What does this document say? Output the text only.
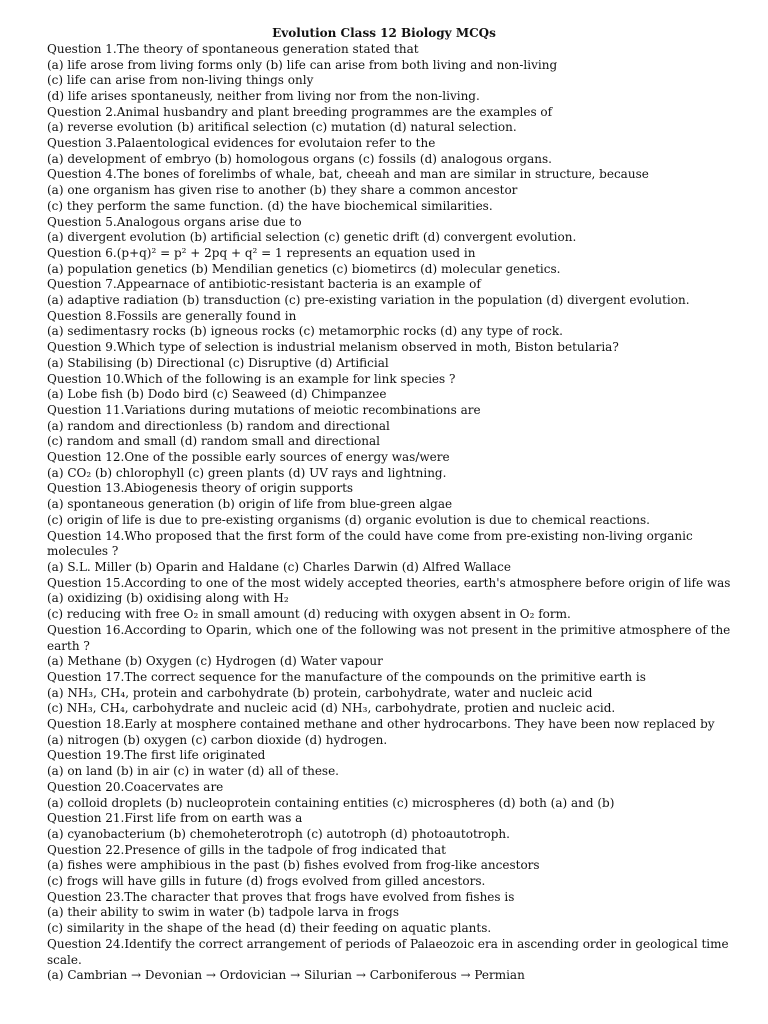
Evolution Class 12 Biology MCQs
Question 1.The theory of spontaneous generation stated that
(a) life arose from living forms only (b) life can arise from both living and non-living
(c) life can arise from non-living things only
(d) life arises spontaneusly, neither from living nor from the non-living.
Question 2.Animal husbandry and plant breeding programmes are the examples of
(a) reverse evolution (b) aritifical selection (c) mutation (d) natural selection.
Question 3.Palaentological evidences for evolutaion refer to the
(a) development of embryo (b) homologous organs (c) fossils (d) analogous organs.
Question 4.The bones of forelimbs of whale, bat, cheeah and man are similar in structure, because
(a) one organism has given rise to another (b) they share a common ancestor
(c) they perform the same function. (d) the have biochemical similarities.
Question 5.Analogous organs arise due to
(a) divergent evolution (b) artificial selection (c) genetic drift (d) convergent evolution.
Question 6.(p+q)² = p² + 2pq + q² = 1 represents an equation used in
(a) population genetics (b) Mendilian genetics (c) biometircs (d) molecular genetics.
Question 7.Appearnace of antibiotic-resistant bacteria is an example of
(a) adaptive radiation (b) transduction (c) pre-existing variation in the population (d) divergent evolution.
Question 8.Fossils are generally found in
(a) sedimentasry rocks (b) igneous rocks (c) metamorphic rocks (d) any type of rock.
Question 9.Which type of selection is industrial melanism observed in moth, Biston betularia?
(a) Stabilising (b) Directional (c) Disruptive (d) Artificial
Question 10.Which of the following is an example for link species ?
(a) Lobe fish (b) Dodo bird (c) Seaweed (d) Chimpanzee
Question 11.Variations during mutations of meiotic recombinations are
(a) random and directionless (b) random and directional
(c) random and small (d) random small and directional
Question 12.One of the possible early sources of energy was/were
(a) CO₂ (b) chlorophyll (c) green plants (d) UV rays and lightning.
Question 13.Abiogenesis theory of origin supports
(a) spontaneous generation (b) origin of life from blue-green algae
(c) origin of life is due to pre-existing organisms (d) organic evolution is due to chemical reactions.
Question 14.Who proposed that the first form of the could have come from pre-existing non-living organic molecules ?
(a) S.L. Miller (b) Oparin and Haldane (c) Charles Darwin (d) Alfred Wallace
Question 15.According to one of the most widely accepted theories, earth's atmosphere before origin of life was
(a) oxidizing (b) oxidising along with H₂
(c) reducing with free O₂ in small amount (d) reducing with oxygen absent in O₂ form.
Question 16.According to Oparin, which one of the following was not present in the primitive atmosphere of the earth ?
(a) Methane (b) Oxygen (c) Hydrogen (d) Water vapour
Question 17.The correct sequence for the manufacture of the compounds on the primitive earth is
(a) NH₃, CH₄, protein and carbohydrate (b) protein, carbohydrate, water and nucleic acid
(c) NH₃, CH₄, carbohydrate and nucleic acid (d) NH₃, carbohydrate, protien and nucleic acid.
Question 18.Early at mosphere contained methane and other hydrocarbons. They have been now replaced by
(a) nitrogen (b) oxygen (c) carbon dioxide (d) hydrogen.
Question 19.The first life originated
(a) on land (b) in air (c) in water (d) all of these.
Question 20.Coacervates are
(a) colloid droplets (b) nucleoprotein containing entities (c) microspheres (d) both (a) and (b)
Question 21.First life from on earth was a
(a) cyanobacterium (b) chemoheterotroph (c) autotroph (d) photoautotroph.
Question 22.Presence of gills in the tadpole of frog indicated that
(a) fishes were amphibious in the past (b) fishes evolved from frog-like ancestors
(c) frogs will have gills in future (d) frogs evolved from gilled ancestors.
Question 23.The character that proves that frogs have evolved from fishes is
(a) their ability to swim in water (b) tadpole larva in frogs
(c) similarity in the shape of the head (d) their feeding on aquatic plants.
Question 24.Identify the correct arrangement of periods of Palaeozoic era in ascending order in geological time scale.
(a) Cambrian → Devonian → Ordovician → Silurian → Carboniferous → Permian
